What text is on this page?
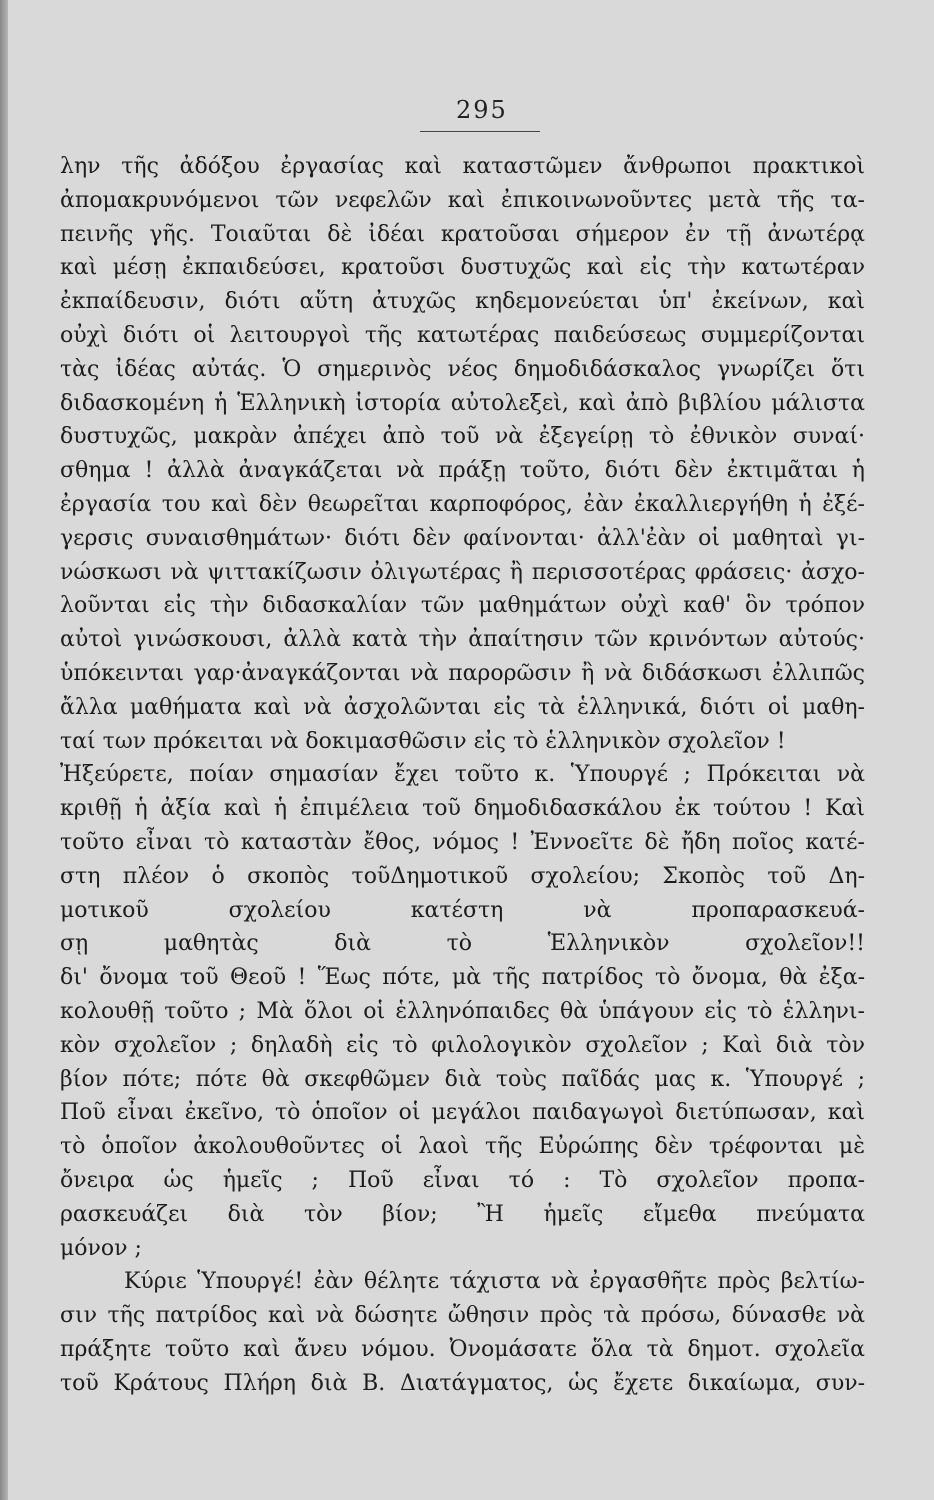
295
λην τῆς ἀδόξου ἐργασίας καὶ καταστῶμεν ἄνθρωποι πρακτικοὶ
ἀπομακρυνόμενοι τῶν νεφελῶν καὶ ἐπικοινωνοῦντες μετὰ τῆς τα-
πεινῆς γῆς. Τοιαῦται δὲ ἰδέαι κρατοῦσαι σήμερον ἐν τῇ ἀνωτέρᾳ
καὶ μέσῃ ἐκπαιδεύσει, κρατοῦσι δυστυχῶς καὶ εἰς τὴν κατωτέραν
ἐκπαίδευσιν, διότι αὕτη ἀτυχῶς κηδεμονεύεται ὑπ' ἐκείνων, καὶ
οὐχὶ διότι οἱ λειτουργοὶ τῆς κατωτέρας παιδεύσεως συμμερίζονται
τὰς ἰδέας αὐτάς. Ὁ σημερινὸς νέος δημοδιδάσκαλος γνωρίζει ὅτι
διδασκομένη ἡ Ἑλληνικὴ ἱστορία αὐτολεξεὶ, καὶ ἀπὸ βιβλίου μάλιστα
δυστυχῶς, μακρὰν ἀπέχει ἀπὸ τοῦ νὰ ἐξεγείρῃ τὸ ἐθνικὸν συναί·
σθημα ! ἀλλὰ ἀναγκάζεται νὰ πράξῃ τοῦτο, διότι δὲν ἐκτιμᾶται ἡ
ἐργασία του καὶ δὲν θεωρεῖται καρποφόρος, ἐὰν ἐκαλλιεργήθη ἡ ἐξέ-
γερσις συναισθημάτων· διότι δὲν φαίνονται· ἀλλ'ἐὰν οἱ μαθηταὶ γι-
νώσκωσι νὰ ψιττακίζωσιν ὀλιγωτέρας ἢ περισσοτέρας φράσεις· ἀσχο-
λοῦνται εἰς τὴν διδασκαλίαν τῶν μαθημάτων οὐχὶ καθ' ὃν τρόπον
αὐτοὶ γινώσκουσι, ἀλλὰ κατὰ τὴν ἀπαίτησιν τῶν κρινόντων αὐτούς·
ὑπόκεινται γαρ·ἀναγκάζονται νὰ παρορῶσιν ἢ νὰ διδάσκωσι ἐλλιπῶς
ἄλλα μαθήματα καὶ νὰ ἀσχολῶνται εἰς τὰ ἑλληνικά, διότι οἱ μαθη-
ταί των πρόκειται νὰ δοκιμασθῶσιν εἰς τὸ ἑλληνικὸν σχολεῖον !
Ἠξεύρετε, ποίαν σημασίαν ἔχει τοῦτο κ. Ὑπουργέ ; Πρόκειται νὰ
κριθῇ ἡ ἀξία καὶ ἡ ἐπιμέλεια τοῦ δημοδιδασκάλου ἐκ τούτου ! Καὶ
τοῦτο εἶναι τὸ καταστὰν ἔθος, νόμος ! Ἐννοεῖτε δὲ ἤδη ποῖος κατέ-
στη πλέον ὁ σκοπὸς τοῦΔημοτικοῦ σχολείου; Σκοπὸς τοῦ Δη-
μοτικοῦ σχολείου κατέστη νὰ προπαρασκευά-
σῃ μαθητὰς διὰ τὸ Ἑλληνικὸν σχολεῖον!!
δι' ὄνομα τοῦ Θεοῦ ! Ἕως πότε, μὰ τῆς πατρίδος τὸ ὄνομα, θὰ ἐξα-
κολουθῇ τοῦτο ; Μὰ ὅλοι οἱ ἑλληνόπαιδες θὰ ὑπάγουν εἰς τὸ ἑλληνι-
κὸν σχολεῖον ; δηλαδὴ εἰς τὸ φιλολογικὸν σχολεῖον ; Καὶ διὰ τὸν
βίον πότε; πότε θὰ σκεφθῶμεν διὰ τοὺς παῖδάς μας κ. Ὑπουργέ ;
Ποῦ εἶναι ἐκεῖνο, τὸ ὁποῖον οἱ μεγάλοι παιδαγωγοὶ διετύπωσαν, καὶ
τὸ ὁποῖον ἀκολουθοῦντες οἱ λαοὶ τῆς Εὐρώπης δὲν τρέφονται μὲ
ὄνειρα ὡς ἡμεῖς ; Ποῦ εἶναι τό : Τὸ σχολεῖον προπα-
ρασκευάζει διὰ τὸν βίον; Ἢ ἡμεῖς εἴμεθα πνεύματα
μόνον ;
Κύριε Ὑπουργέ! ἐὰν θέλητε τάχιστα νὰ ἐργασθῆτε πρὸς βελτίω-
σιν τῆς πατρίδος καὶ νὰ δώσητε ὤθησιν πρὸς τὰ πρόσω, δύνασθε νὰ
πράξητε τοῦτο καὶ ἄνευ νόμου. Ὀνομάσατε ὅλα τὰ δημοτ. σχολεῖα
τοῦ Κράτους Πλήρη διὰ Β. Διατάγματος, ὡς ἔχετε δικαίωμα, συν-
